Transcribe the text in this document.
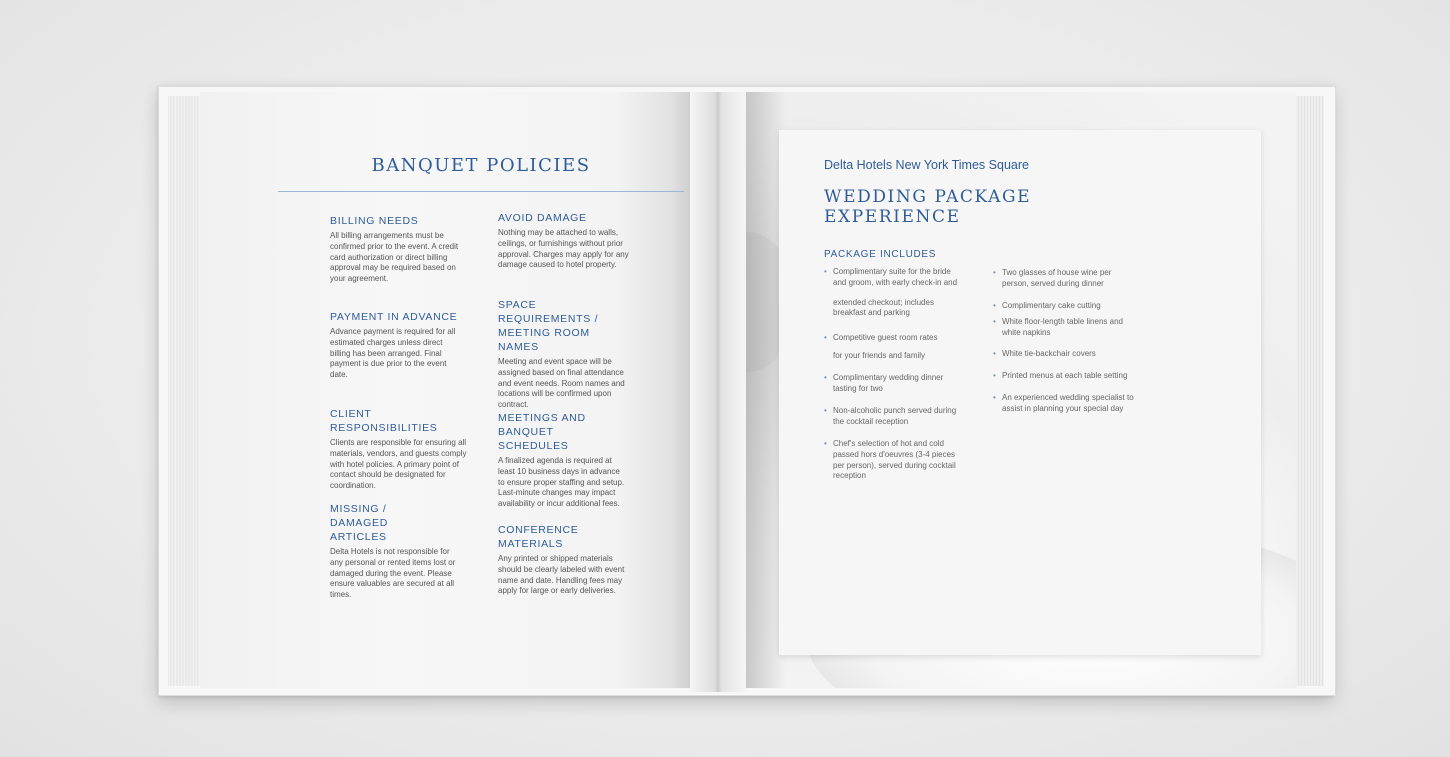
BANQUET POLICIES

BILLING NEEDS

All billing arrangements must be confirmed prior to the event. A credit card authorization or direct billing approval may be required based on your agreement.

PAYMENT IN ADVANCE

Advance payment is required for all estimated charges unless direct billing has been arranged. Final payment is due prior to the event date.

CLIENT RESPONSIBILITIES

Clients are responsible for ensuring all materials, vendors, and guests comply with hotel policies. A primary point of contact should be designated for coordination.

MISSING / DAMAGED ARTICLES

Delta Hotels is not responsible for any personal or rented items lost or damaged during the event. Please ensure valuables are secured at all times.

AVOID DAMAGE

Nothing may be attached to walls, ceilings, or furnishings without prior approval. Charges may apply for any damage caused to hotel property.

SPACE REQUIREMENTS / MEETING ROOM NAMES

Meeting and event space will be assigned based on final attendance and event needs. Room names and locations will be confirmed upon contract.

MEETINGS AND BANQUET SCHEDULES

A finalized agenda is required at least 10 business days in advance to ensure proper staffing and setup. Last-minute changes may impact availability or incur additional fees.

CONFERENCE MATERIALS

Any printed or shipped materials should be clearly labeled with event name and date. Handling fees may apply for large or early deliveries.

Delta Hotels New York Times Square
WEDDING PACKAGE
EXPERIENCE
PACKAGE INCLUDES
• Complimentary suite for the bride and groom, with early check-in and
extended checkout; includes breakfast and parking
• Competitive guest room rates
for your friends and family
• Complimentary wedding dinner tasting for two
• Non-alcoholic punch served during the cocktail reception
• Chef's selection of hot and cold passed hors d'oeuvres (3-4 pieces per person), served during cocktail reception
• Two glasses of house wine per person, served during dinner
• Complimentary cake cutting
• White floor-length table linens and white napkins
• White tie-backchair covers
• Printed menus at each table setting
• An experienced wedding specialist to assist in planning your special day
